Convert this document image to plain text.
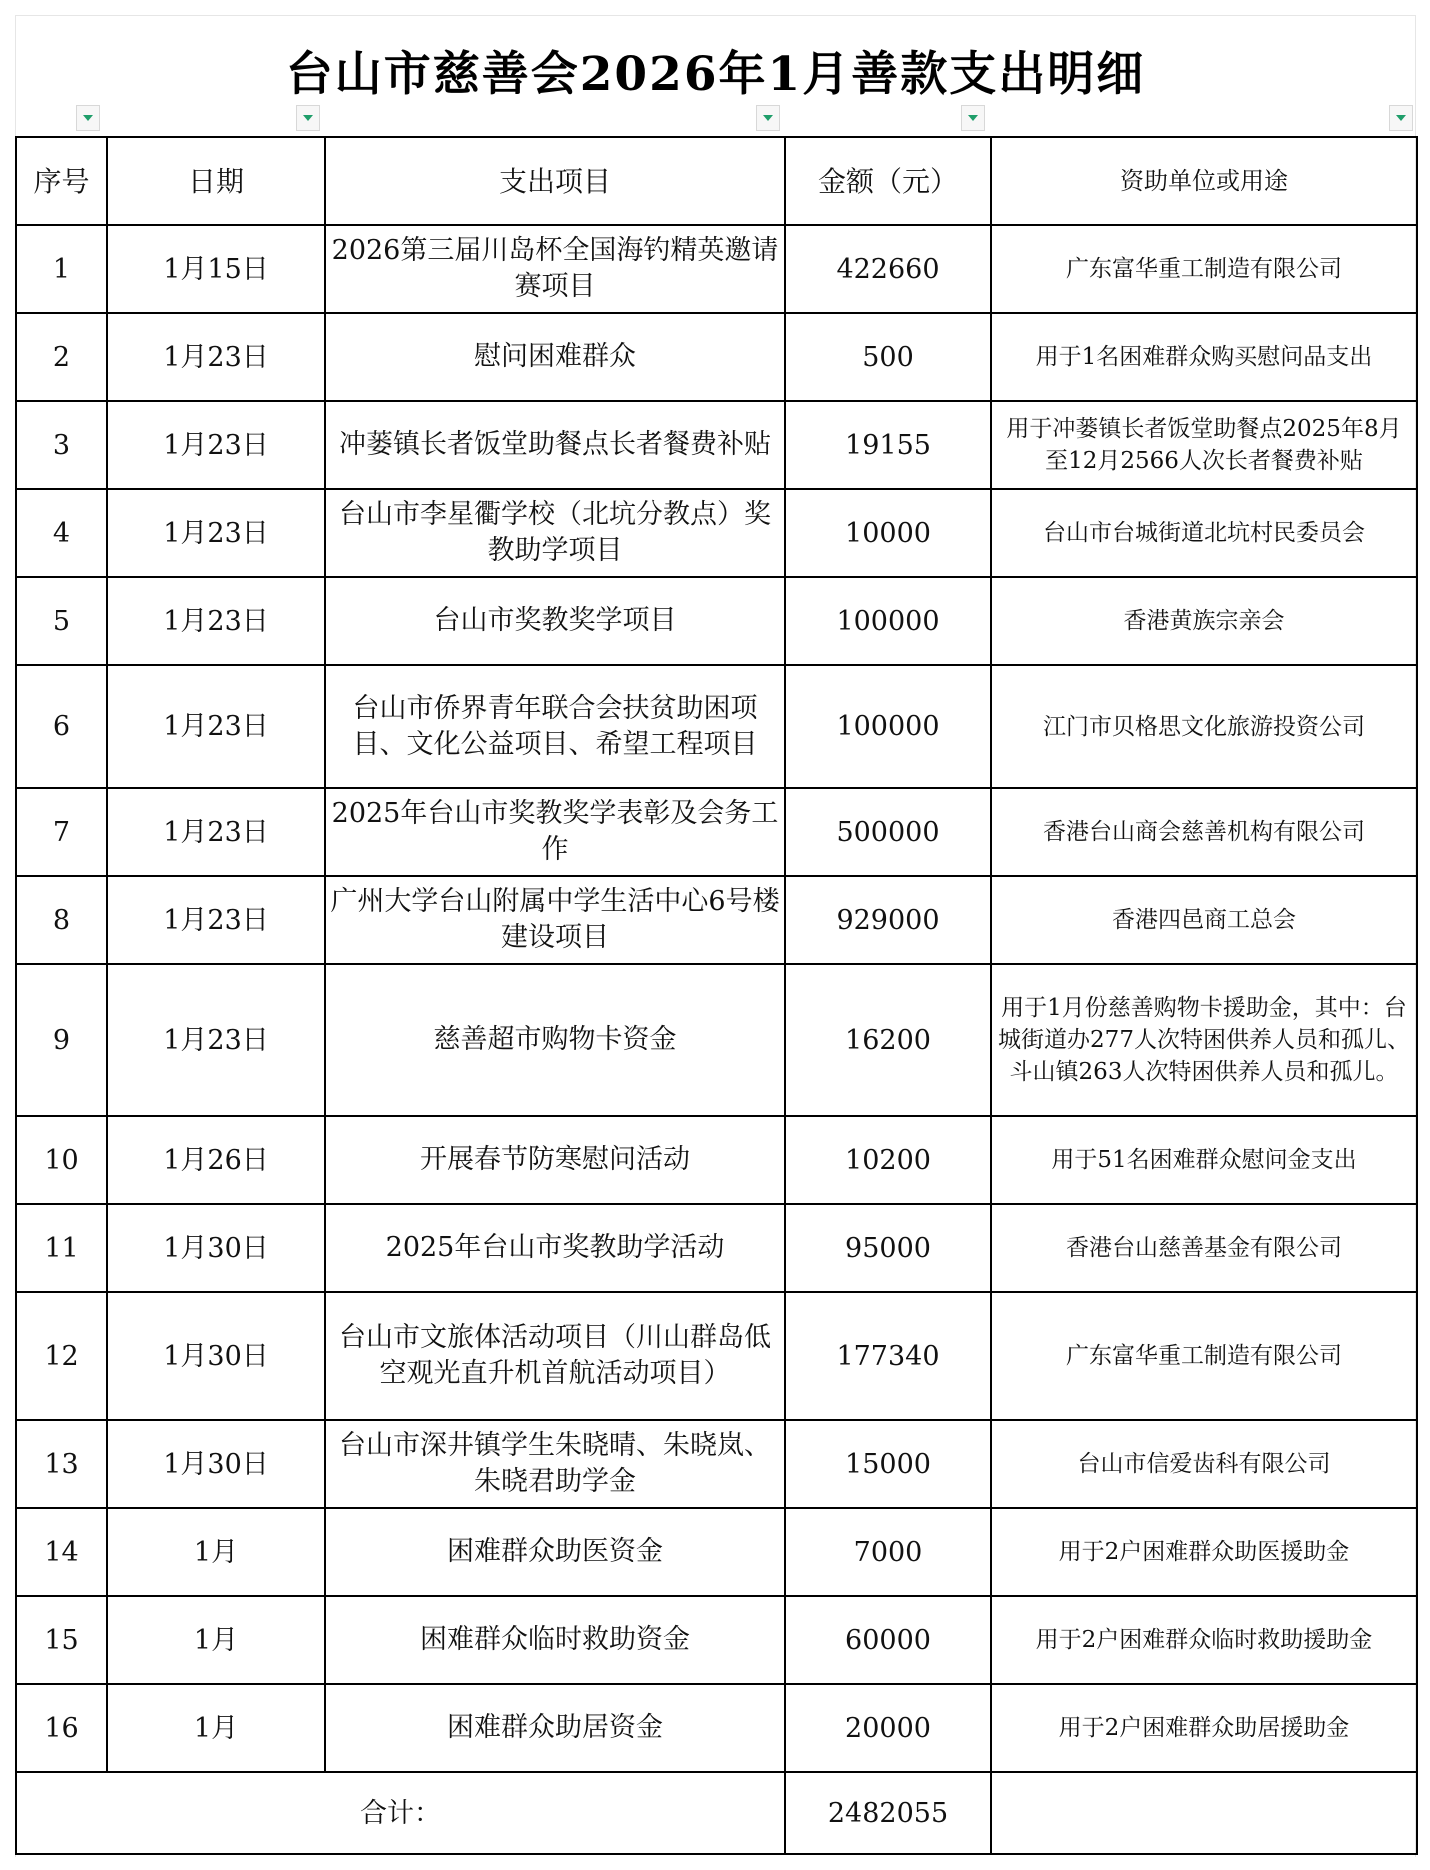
台山市慈善会2026年1月善款支出明细
序号	日期	支出项目	金额（元）	资助单位或用途
1	1月15日	2026第三届川岛杯全国海钓精英邀请赛项目	422660	广东富华重工制造有限公司
2	1月23日	慰问困难群众	500	用于1名困难群众购买慰问品支出
3	1月23日	冲蒌镇长者饭堂助餐点长者餐费补贴	19155	用于冲蒌镇长者饭堂助餐点2025年8月至12月2566人次长者餐费补贴
4	1月23日	台山市李星衢学校（北坑分教点）奖教助学项目	10000	台山市台城街道北坑村民委员会
5	1月23日	台山市奖教奖学项目	100000	香港黄族宗亲会
6	1月23日	台山市侨界青年联合会扶贫助困项目、文化公益项目、希望工程项目	100000	江门市贝格思文化旅游投资公司
7	1月23日	2025年台山市奖教奖学表彰及会务工作	500000	香港台山商会慈善机构有限公司
8	1月23日	广州大学台山附属中学生活中心6号楼建设项目	929000	香港四邑商工总会
9	1月23日	慈善超市购物卡资金	16200	用于1月份慈善购物卡援助金，其中：台城街道办277人次特困供养人员和孤儿、斗山镇263人次特困供养人员和孤儿。
10	1月26日	开展春节防寒慰问活动	10200	用于51名困难群众慰问金支出
11	1月30日	2025年台山市奖教助学活动	95000	香港台山慈善基金有限公司
12	1月30日	台山市文旅体活动项目（川山群岛低空观光直升机首航活动项目）	177340	广东富华重工制造有限公司
13	1月30日	台山市深井镇学生朱晓晴、朱晓岚、朱晓君助学金	15000	台山市信爱齿科有限公司
14	1月	困难群众助医资金	7000	用于2户困难群众助医援助金
15	1月	困难群众临时救助资金	60000	用于2户困难群众临时救助援助金
16	1月	困难群众助居资金	20000	用于2户困难群众助居援助金
合计：			2482055	
